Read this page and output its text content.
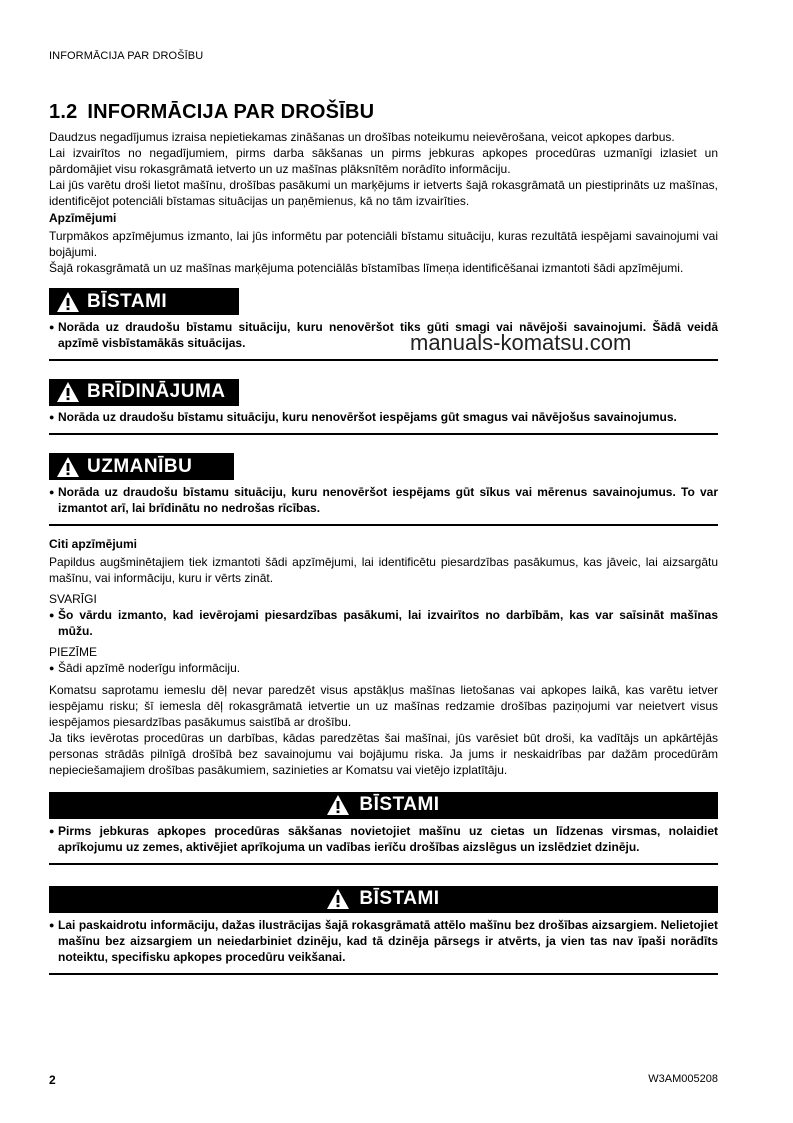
INFORMĀCIJA PAR DROŠĪBU
1.2 INFORMĀCIJA PAR DROŠĪBU

Daudzus negadījumus izraisa nepietiekamas zināšanas un drošības noteikumu neievērošana, veicot apkopes darbus.

Lai izvairītos no negadījumiem, pirms darba sākšanas un pirms jebkuras apkopes procedūras uzmanīgi izlasiet un pārdomājiet visu rokasgrāmatā ietverto un uz mašīnas plāksnītēm norādīto informāciju.

Lai jūs varētu droši lietot mašīnu, drošības pasākumi un marķējums ir ietverts šajā rokasgrāmatā un piestiprināts uz mašīnas, identificējot potenciāli bīstamas situācijas un paņēmienus, kā no tām izvairīties.

Apzīmējumi

Turpmākos apzīmējumus izmanto, lai jūs informētu par potenciāli bīstamu situāciju, kuras rezultātā iespējami savainojumi vai bojājumi.

Šajā rokasgrāmatā un uz mašīnas marķējuma potenciālās bīstamības līmeņa identificēšanai izmantoti šādi apzīmējumi.

BĪSTAMI
● Norāda uz draudošu bīstamu situāciju, kuru nenovēršot tiks gūti smagi vai nāvējoši savainojumi. Šādā veidā apzīmē visbīstamākās situācijas.
BRĪDINĀJUMA
● Norāda uz draudošu bīstamu situāciju, kuru nenovēršot iespējams gūt smagus vai nāvējošus savainojumus.
UZMANĪBU
● Norāda uz draudošu bīstamu situāciju, kuru nenovēršot iespējams gūt sīkus vai mērenus savainojumus. To var izmantot arī, lai brīdinātu no nedrošas rīcības.
Citi apzīmējumi

Papildus augšminētajiem tiek izmantoti šādi apzīmējumi, lai identificētu piesardzības pasākumus, kas jāveic, lai aizsargātu mašīnu, vai informāciju, kuru ir vērts zināt.

SVARĪGI
● Šo vārdu izmanto, kad ievērojami piesardzības pasākumi, lai izvairītos no darbībām, kas var saīsināt mašīnas mūžu.
PIEZĪME
● Šādi apzīmē noderīgu informāciju.

Komatsu saprotamu iemeslu dēļ nevar paredzēt visus apstākļus mašīnas lietošanas vai apkopes laikā, kas varētu ietver iespējamu risku; šī iemesla dēļ rokasgrāmatā ietvertie un uz mašīnas redzamie drošības paziņojumi var neietvert visus iespējamos piesardzības pasākumus saistībā ar drošību.

Ja tiks ievērotas procedūras un darbības, kādas paredzētas šai mašīnai, jūs varēsiet būt droši, ka vadītājs un apkārtējās personas strādās pilnīgā drošībā bez savainojumu vai bojājumu riska. Ja jums ir neskaidrības par dažām procedūrām nepieciešamajiem drošības pasākumiem, sazinieties ar Komatsu vai vietējo izplatītāju.

BĪSTAMI
● Pirms jebkuras apkopes procedūras sākšanas novietojiet mašīnu uz cietas un līdzenas virsmas, nolaidiet aprīkojumu uz zemes, aktivējiet aprīkojuma un vadības ierīču drošības aizslēgus un izslēdziet dzinēju.
BĪSTAMI
● Lai paskaidrotu informāciju, dažas ilustrācijas šajā rokasgrāmatā attēlo mašīnu bez drošības aizsargiem. Nelietojiet mašīnu bez aizsargiem un neiedarbiniet dzinēju, kad tā dzinēja pārsegs ir atvērts, ja vien tas nav īpaši norādīts noteiktu, specifisku apkopes procedūru veikšanai.
manuals-komatsu.com
2	W3AM005208
